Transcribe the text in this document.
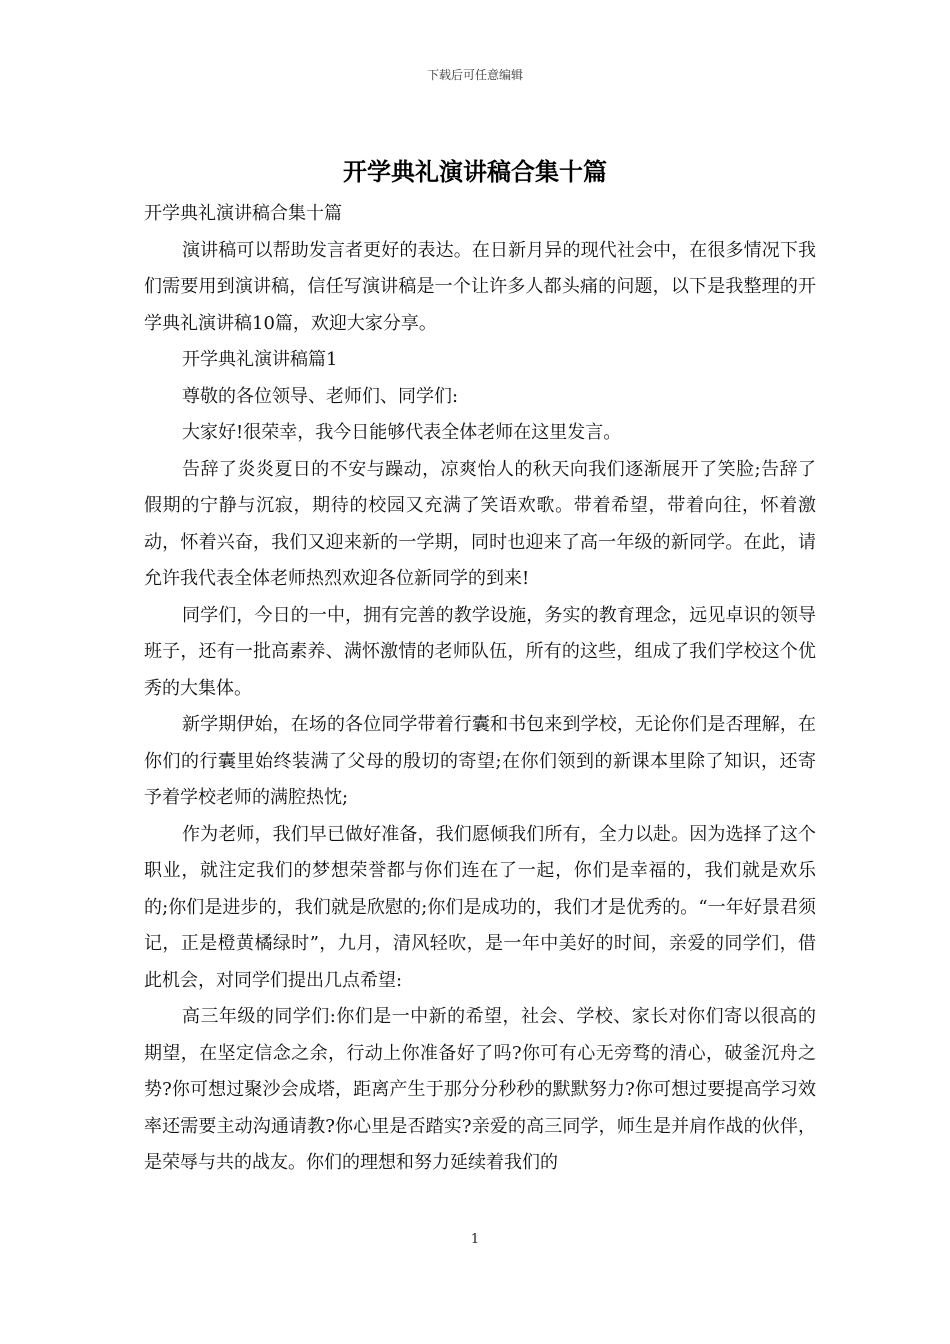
下载后可任意编辑
开学典礼演讲稿合集十篇

开学典礼演讲稿合集十篇

演讲稿可以帮助发言者更好的表达。在日新月异的现代社会中，在很多情况下我们需要用到演讲稿，信任写演讲稿是一个让许多人都头痛的问题，以下是我整理的开学典礼演讲稿10篇，欢迎大家分享。

开学典礼演讲稿篇1

尊敬的各位领导、老师们、同学们:

大家好!很荣幸，我今日能够代表全体老师在这里发言。

告辞了炎炎夏日的不安与躁动，凉爽怡人的秋天向我们逐渐展开了笑脸;告辞了假期的宁静与沉寂，期待的校园又充满了笑语欢歌。带着希望，带着向往，怀着激动，怀着兴奋，我们又迎来新的一学期，同时也迎来了高一年级的新同学。在此，请允许我代表全体老师热烈欢迎各位新同学的到来!

同学们，今日的一中，拥有完善的教学设施，务实的教育理念，远见卓识的领导班子，还有一批高素养、满怀激情的老师队伍，所有的这些，组成了我们学校这个优秀的大集体。

新学期伊始，在场的各位同学带着行囊和书包来到学校，无论你们是否理解，在你们的行囊里始终装满了父母的殷切的寄望;在你们领到的新课本里除了知识，还寄予着学校老师的满腔热忱;

作为老师，我们早已做好准备，我们愿倾我们所有，全力以赴。因为选择了这个职业，就注定我们的梦想荣誉都与你们连在了一起，你们是幸福的，我们就是欢乐的;你们是进步的，我们就是欣慰的;你们是成功的，我们才是优秀的。“一年好景君须记，正是橙黄橘绿时”，九月，清风轻吹，是一年中美好的时间，亲爱的同学们，借此机会，对同学们提出几点希望:

高三年级的同学们:你们是一中新的希望，社会、学校、家长对你们寄以很高的期望，在坚定信念之余，行动上你准备好了吗?你可有心无旁骛的清心，破釜沉舟之势?你可想过聚沙会成塔，距离产生于那分分秒秒的默默努力?你可想过要提高学习效率还需要主动沟通请教?你心里是否踏实?亲爱的高三同学，师生是并肩作战的伙伴，是荣辱与共的战友。你们的理想和努力延续着我们的

1
